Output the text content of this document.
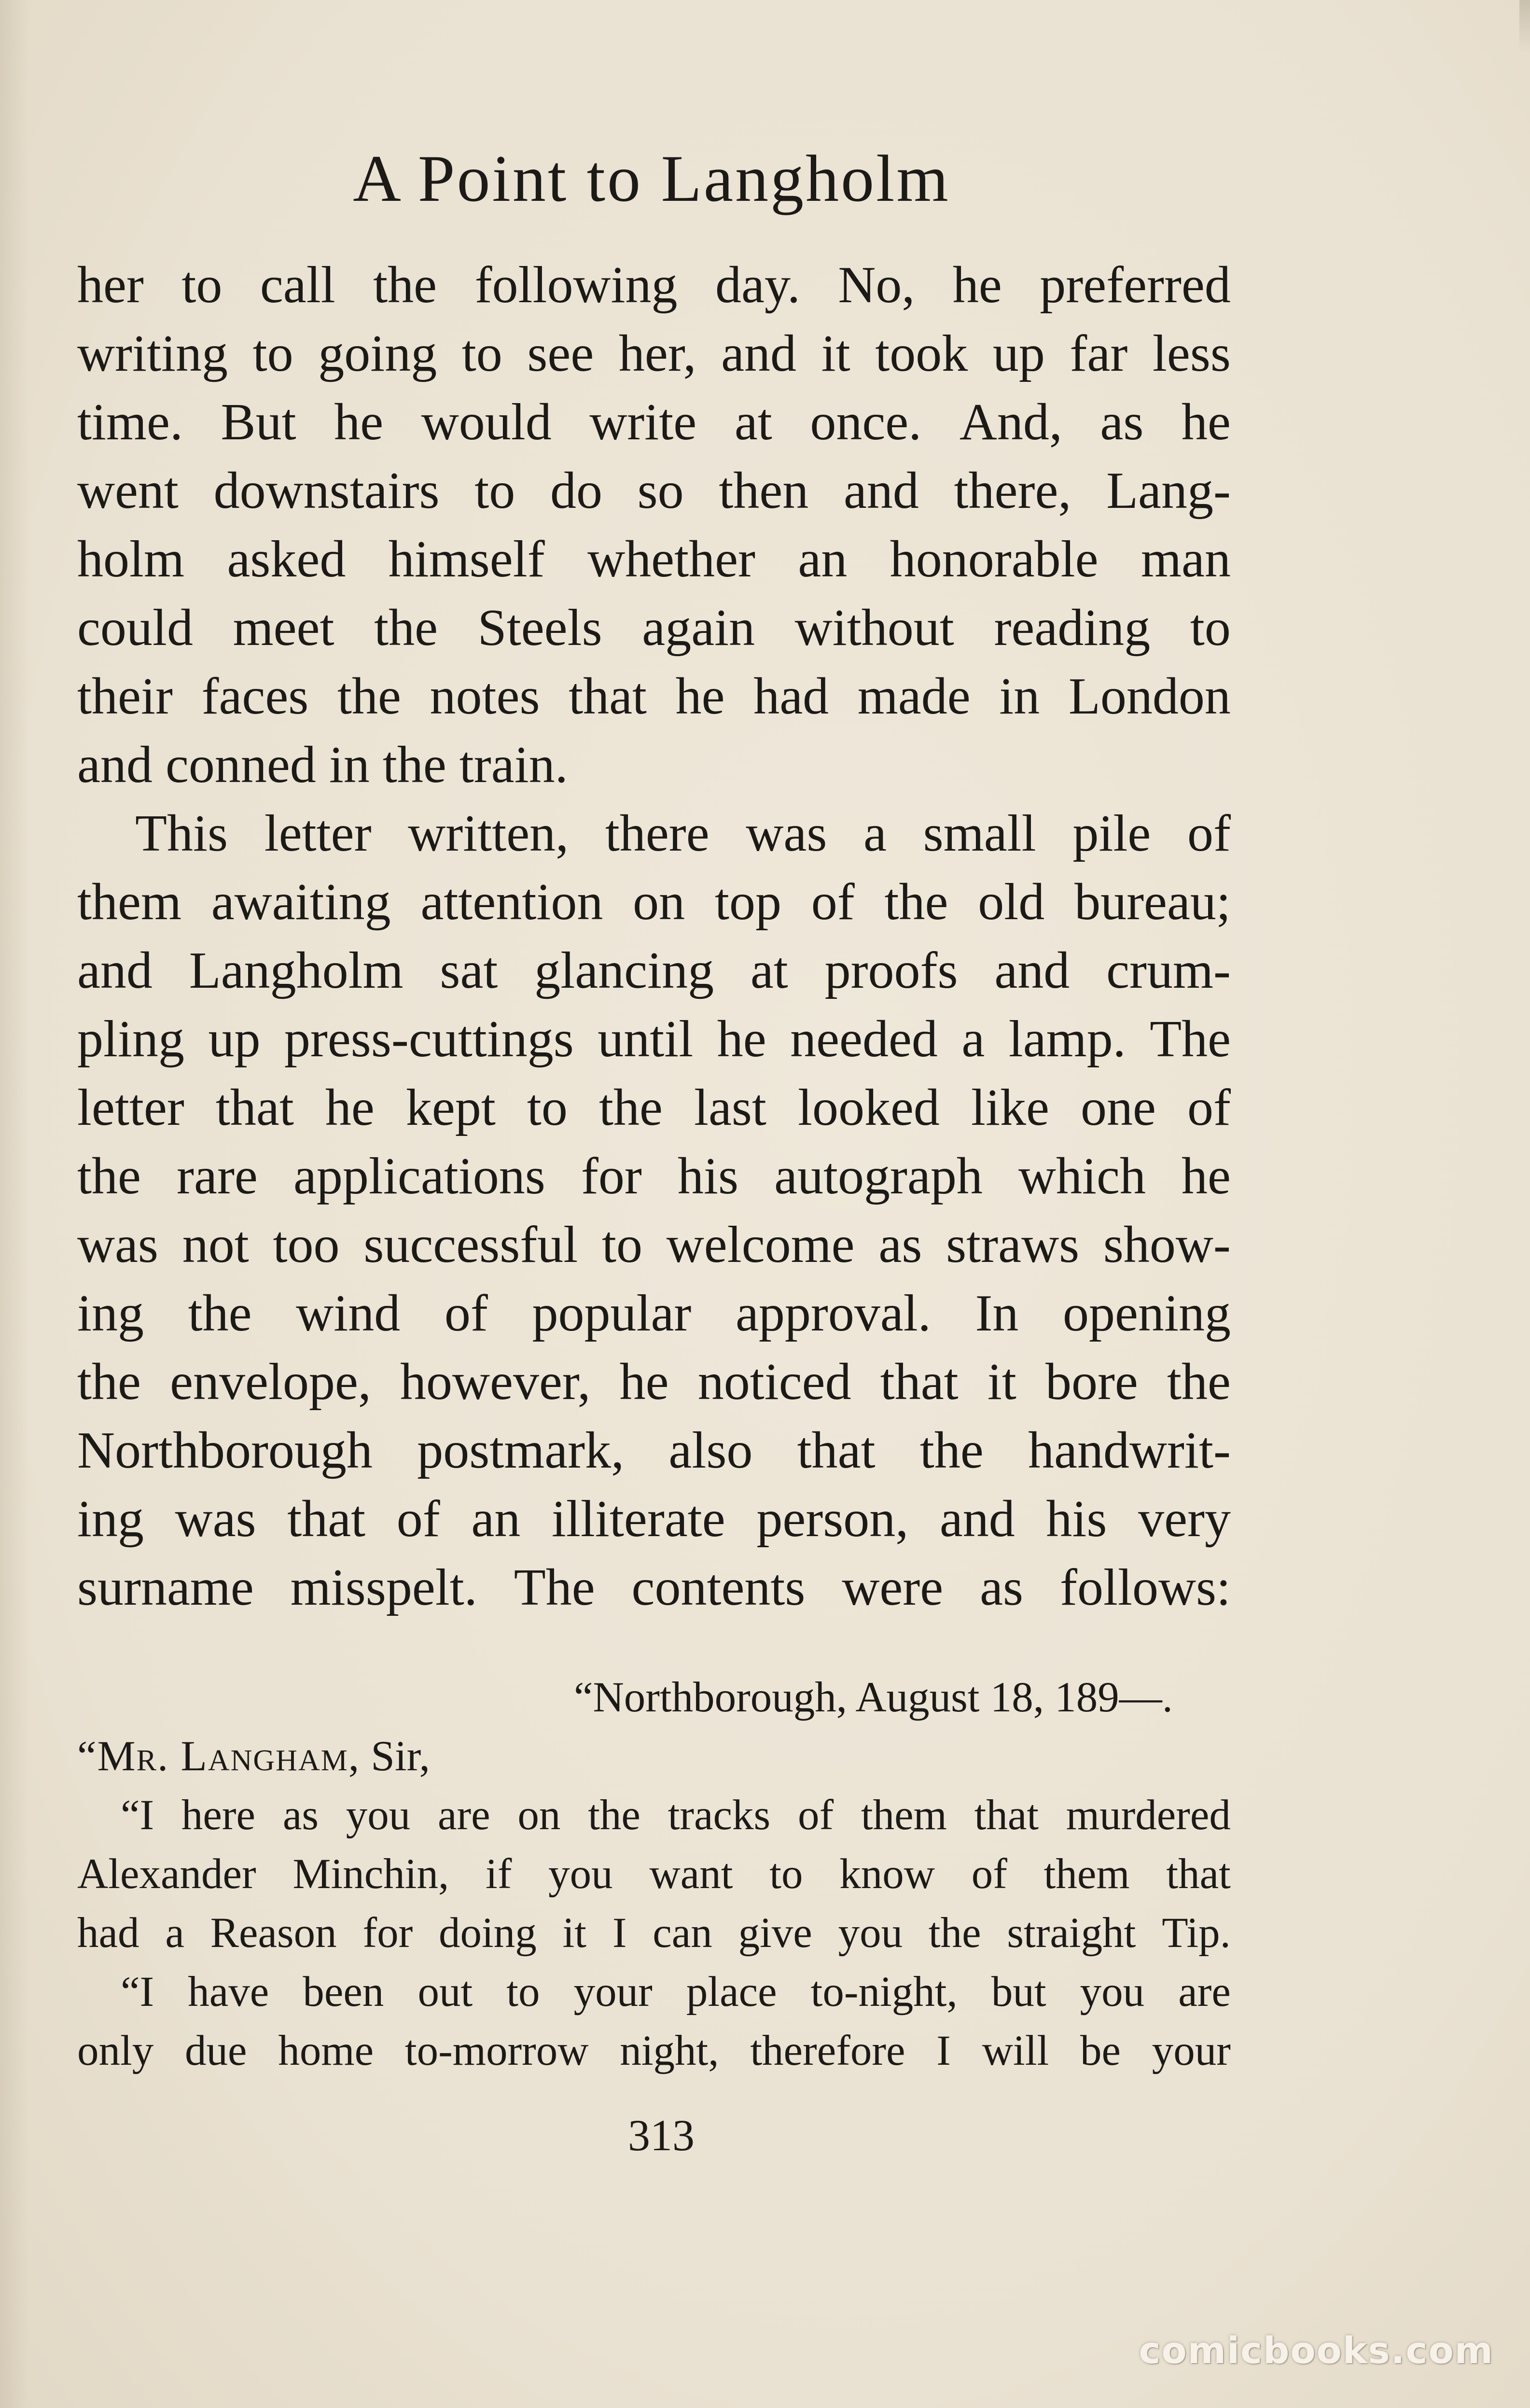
A Point to Langholm
her to call the following day. No, he preferred
writing to going to see her, and it took up far less
time. But he would write at once. And, as he
went downstairs to do so then and there, Lang-
holm asked himself whether an honorable man
could meet the Steels again without reading to
their faces the notes that he had made in London
and conned in the train.
This letter written, there was a small pile of
them awaiting attention on top of the old bureau;
and Langholm sat glancing at proofs and crum-
pling up press-cuttings until he needed a lamp. The
letter that he kept to the last looked like one of
the rare applications for his autograph which he
was not too successful to welcome as straws show-
ing the wind of popular approval. In opening
the envelope, however, he noticed that it bore the
Northborough postmark, also that the handwrit-
ing was that of an illiterate person, and his very
surname misspelt. The contents were as follows:
“Northborough, August 18, 189—.
“Mr. Langham, Sir,
“I here as you are on the tracks of them that murdered
Alexander Minchin, if you want to know of them that
had a Reason for doing it I can give you the straight Tip.
“I have been out to your place to-night, but you are
only due home to-morrow night, therefore I will be your
313
comicbooks.com
